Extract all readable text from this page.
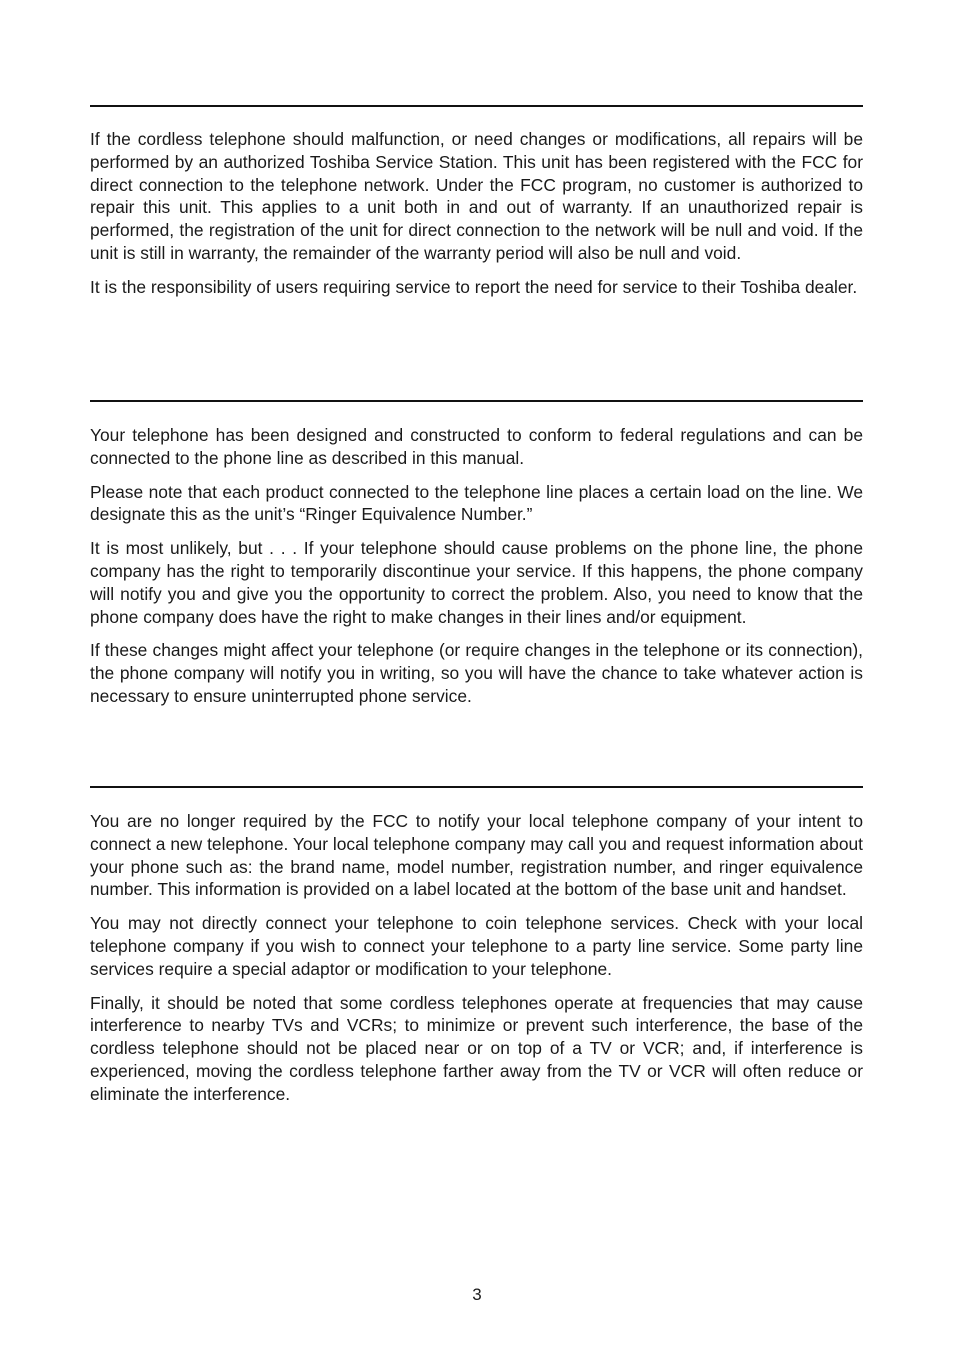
If the cordless telephone should malfunction, or need changes or modifications, all repairs will be performed by an authorized Toshiba Service Station. This unit has been registered with the FCC for direct connection to the telephone network. Under the FCC program, no customer is authorized to repair this unit. This applies to a unit both in and out of warranty. If an unauthorized repair is performed, the registration of the unit for direct connection to the network will be null and void. If the unit is still in warranty, the remainder of the warranty period will also be null and void.

It is the responsibility of users requiring service to report the need for service to their Toshiba dealer.

Your telephone has been designed and constructed to conform to federal regulations and can be connected to the phone line as described in this manual.

Please note that each product connected to the telephone line places a certain load on the line. We designate this as the unit’s “Ringer Equivalence Number.”

It is most unlikely, but . . . If your telephone should cause problems on the phone line, the phone company has the right to temporarily discontinue your service. If this happens, the phone company will notify you and give you the opportunity to correct the problem. Also, you need to know that the phone company does have the right to make changes in their lines and/or equipment.

If these changes might affect your telephone (or require changes in the telephone or its connection), the phone company will notify you in writing, so you will have the chance to take whatever action is necessary to ensure uninterrupted phone service.

You are no longer required by the FCC to notify your local telephone company of your intent to connect a new telephone. Your local telephone company may call you and request information about your phone such as: the brand name, model number, registration number, and ringer equivalence number. This information is provided on a label located at the bottom of the base unit and handset.

You may not directly connect your telephone to coin telephone services. Check with your local telephone company if you wish to connect your telephone to a party line service. Some party line services require a special adaptor or modification to your telephone.

Finally, it should be noted that some cordless telephones operate at frequencies that may cause interference to nearby TVs and VCRs; to minimize or prevent such interference, the base of the cordless telephone should not be placed near or on top of a TV or VCR; and, if interference is experienced, moving the cordless telephone farther away from the TV or VCR will often reduce or eliminate the interference.

3
